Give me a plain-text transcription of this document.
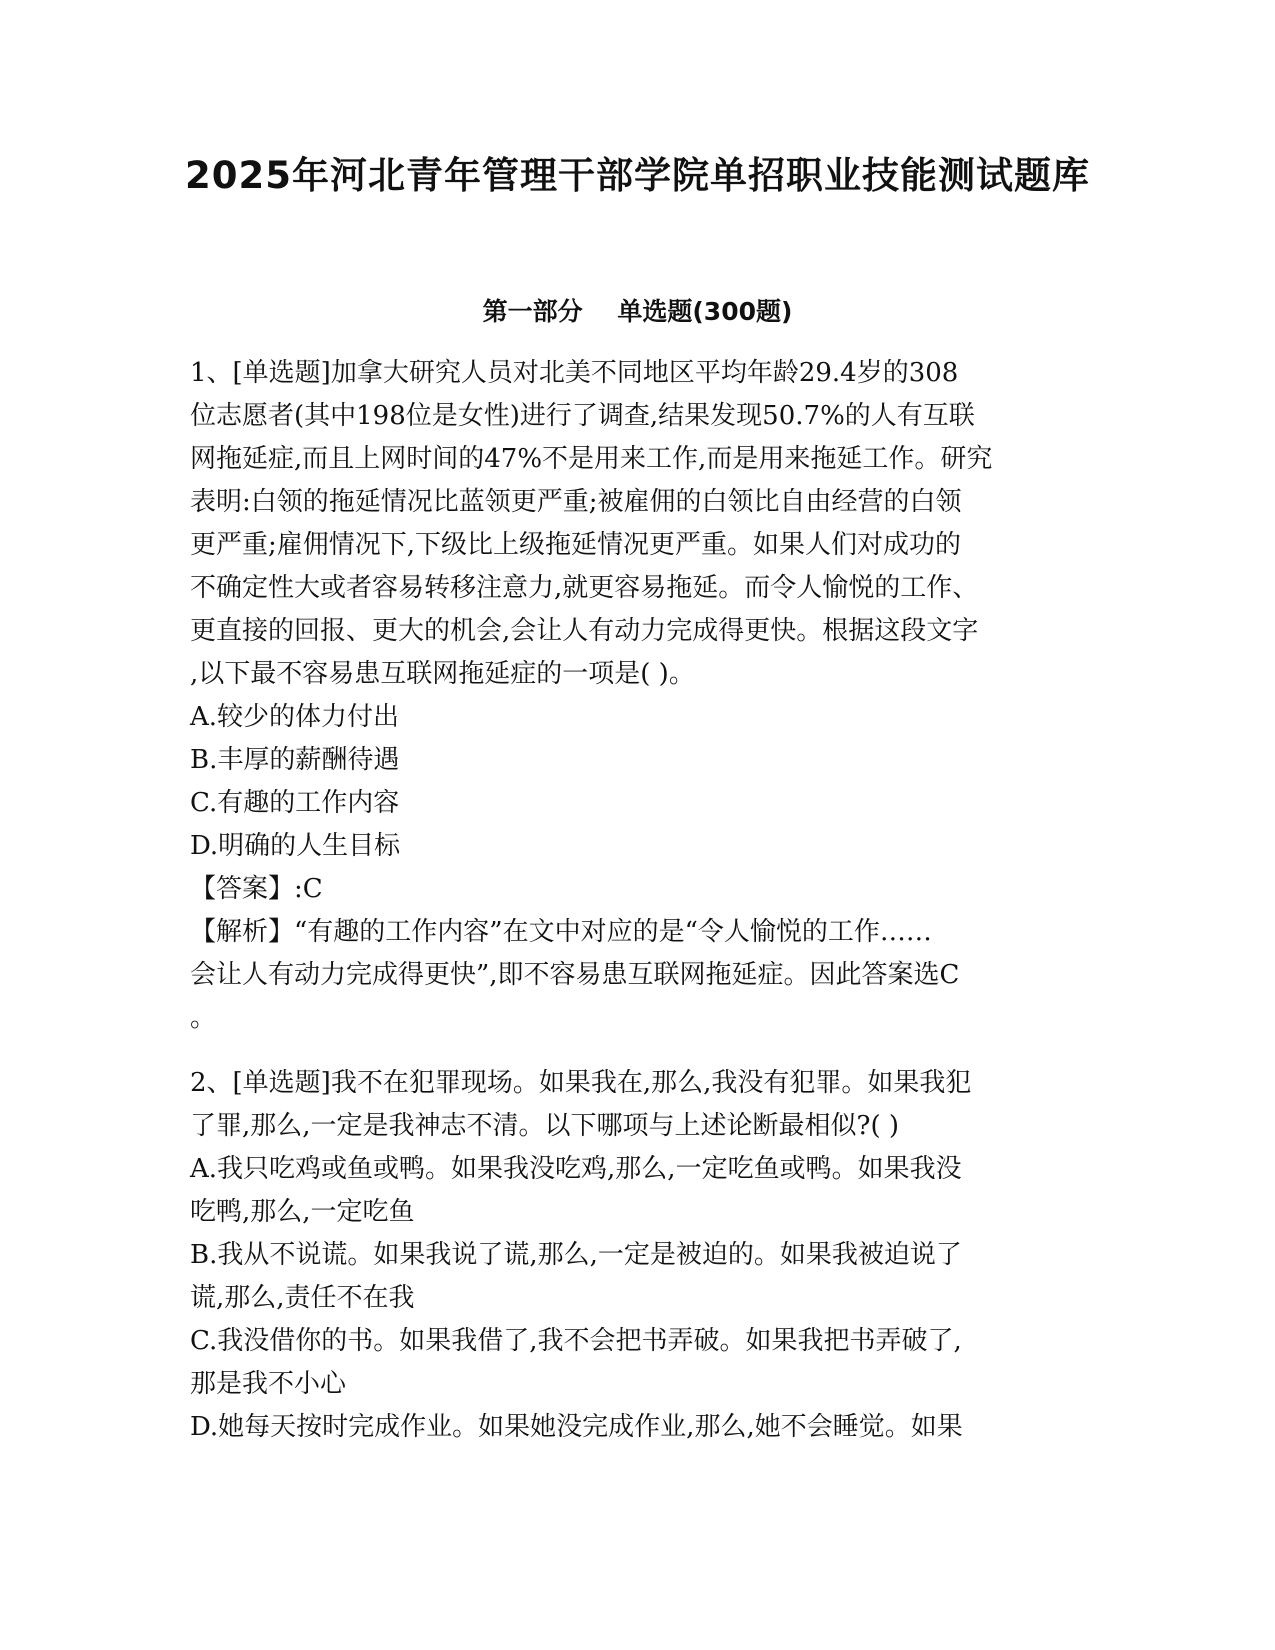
2025年河北青年管理干部学院单招职业技能测试题库
第一部分    单选题(300题)

1、[单选题]加拿大研究人员对北美不同地区平均年龄29.4岁的308
位志愿者(其中198位是女性)进行了调查,结果发现50.7%的人有互联
网拖延症,而且上网时间的47%不是用来工作,而是用来拖延工作。研究
表明:白领的拖延情况比蓝领更严重;被雇佣的白领比自由经营的白领
更严重;雇佣情况下,下级比上级拖延情况更严重。如果人们对成功的
不确定性大或者容易转移注意力,就更容易拖延。而令人愉悦的工作、
更直接的回报、更大的机会,会让人有动力完成得更快。根据这段文字
,以下最不容易患互联网拖延症的一项是( )。

A.较少的体力付出

B.丰厚的薪酬待遇

C.有趣的工作内容

D.明确的人生目标

【答案】:C

【解析】“有趣的工作内容”在文中对应的是“令人愉悦的工作……
会让人有动力完成得更快”,即不容易患互联网拖延症。因此答案选C
。

2、[单选题]我不在犯罪现场。如果我在,那么,我没有犯罪。如果我犯
了罪,那么,一定是我神志不清。以下哪项与上述论断最相似?( )

A.我只吃鸡或鱼或鸭。如果我没吃鸡,那么,一定吃鱼或鸭。如果我没
吃鸭,那么,一定吃鱼

B.我从不说谎。如果我说了谎,那么,一定是被迫的。如果我被迫说了
谎,那么,责任不在我

C.我没借你的书。如果我借了,我不会把书弄破。如果我把书弄破了,
那是我不小心

D.她每天按时完成作业。如果她没完成作业,那么,她不会睡觉。如果
